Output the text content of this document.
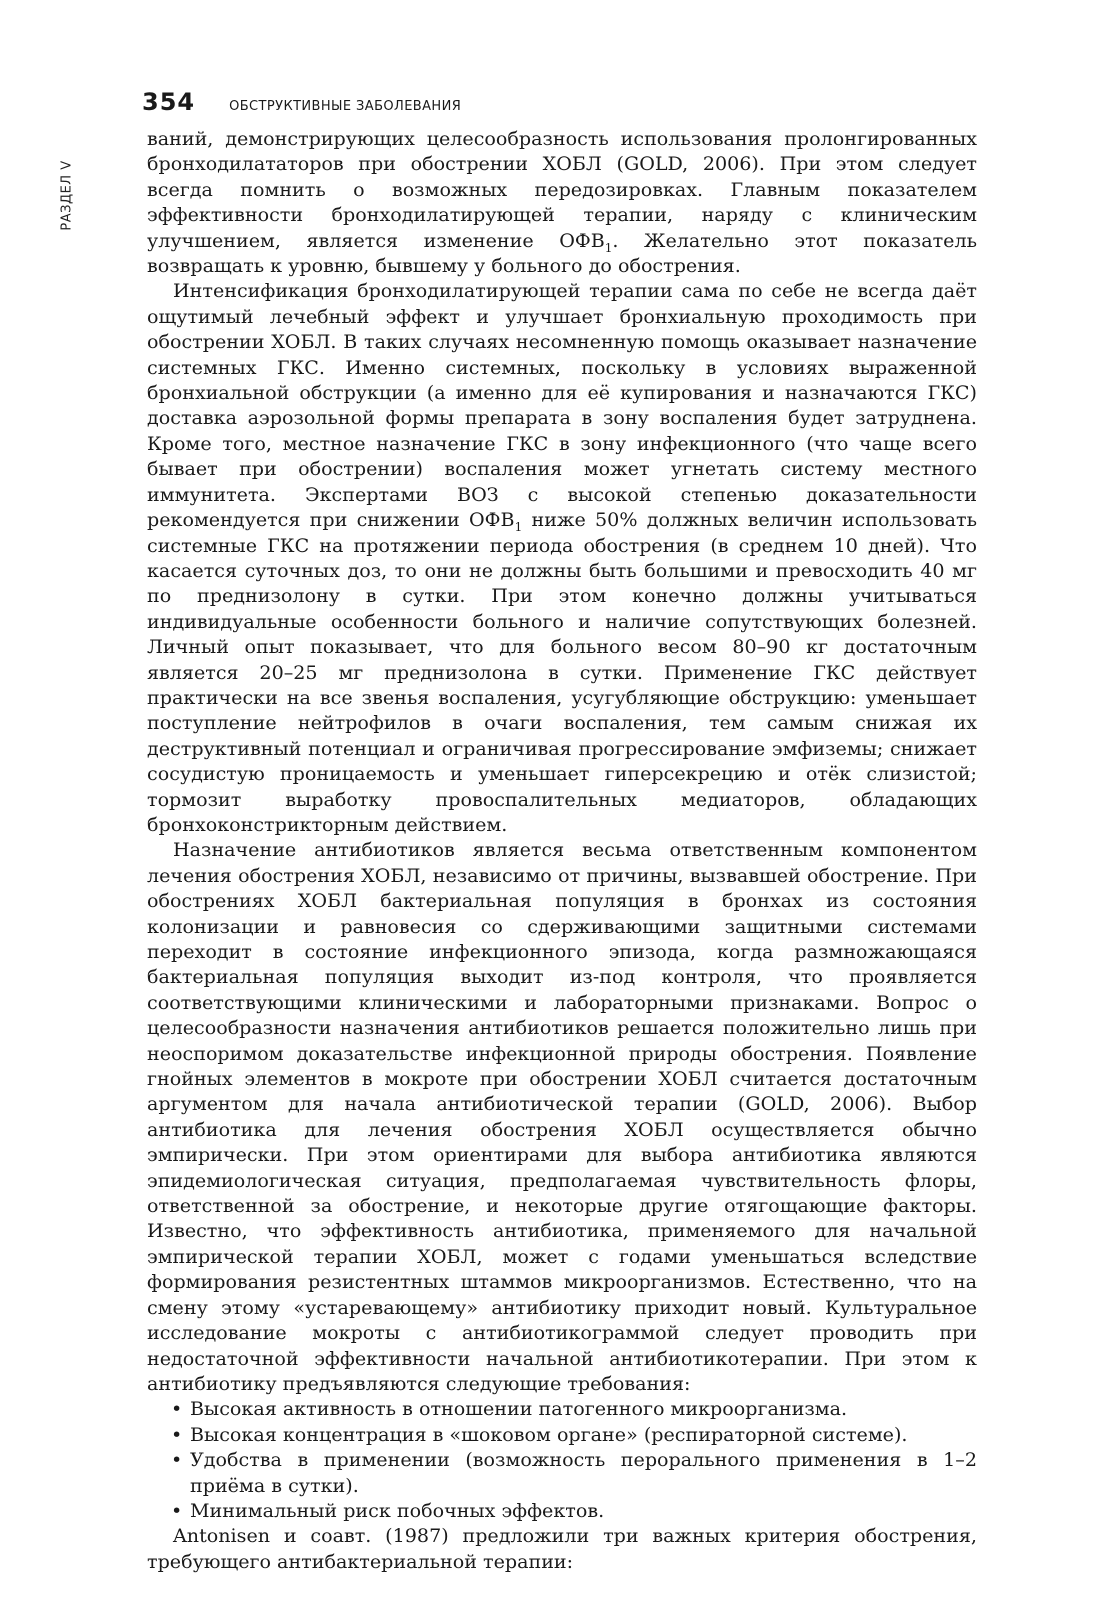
РАЗДЕЛ V
354	ОБСТРУКТИВНЫЕ ЗАБОЛЕВАНИЯ

ваний, демонстрирующих целесообразность использования пролонгированных бронходилататоров при обострении ХОБЛ (GOLD, 2006). При этом следует всегда помнить о возможных передозировках. Главным показателем эффективности бронходилатирующей терапии, наряду с клиническим улучшением, является изменение $ОФВ_1$. Желательно этот показатель возвращать к уровню, бывшему у больного до обострения.

Интенсификация бронходилатирующей терапии сама по себе не всегда даёт ощутимый лечебный эффект и улучшает бронхиальную проходимость при обострении ХОБЛ. В таких случаях несомненную помощь оказывает назначение системных ГКС. Именно системных, поскольку в условиях выраженной бронхиальной обструкции (а именно для её купирования и назначаются ГКС) доставка аэрозольной формы препарата в зону воспаления будет затруднена. Кроме того, местное назначение ГКС в зону инфекционного (что чаще всего бывает при обострении) воспаления может угнетать систему местного иммунитета. Экспертами ВОЗ с высокой степенью доказательности рекомендуется при снижении $ОФВ_1$ ниже 50% должных величин использовать системные ГКС на протяжении периода обострения (в среднем 10 дней). Что касается суточных доз, то они не должны быть большими и превосходить 40 мг по преднизолону в сутки. При этом конечно должны учитываться индивидуальные особенности больного и наличие сопутствующих болезней. Личный опыт показывает, что для больного весом 80–90 кг достаточным является 20–25 мг преднизолона в сутки. Применение ГКС действует практически на все звенья воспаления, усугубляющие обструкцию: уменьшает поступление нейтрофилов в очаги воспаления, тем самым снижая их деструктивный потенциал и ограничивая прогрессирование эмфиземы; снижает сосудистую проницаемость и уменьшает гиперсекрецию и отёк слизистой; тормозит выработку провоспалительных медиаторов, обладающих бронхоконстрикторным действием.

Назначение антибиотиков является весьма ответственным компонентом лечения обострения ХОБЛ, независимо от причины, вызвавшей обострение. При обострениях ХОБЛ бактериальная популяция в бронхах из состояния колонизации и равновесия со сдерживающими защитными системами переходит в состояние инфекционного эпизода, когда размножающаяся бактериальная популяция выходит из-под контроля, что проявляется соответствующими клиническими и лабораторными признаками. Вопрос о целесообразности назначения антибиотиков решается положительно лишь при неоспоримом доказательстве инфекционной природы обострения. Появление гнойных элементов в мокроте при обострении ХОБЛ считается достаточным аргументом для начала антибиотической терапии (GOLD, 2006). Выбор антибиотика для лечения обострения ХОБЛ осуществляется обычно эмпирически. При этом ориентирами для выбора антибиотика являются эпидемиологическая ситуация, предполагаемая чувствительность флоры, ответственной за обострение, и некоторые другие отягощающие факторы. Известно, что эффективность антибиотика, применяемого для начальной эмпирической терапии ХОБЛ, может с годами уменьшаться вследствие формирования резистентных штаммов микроорганизмов. Естественно, что на смену этому «устаревающему» антибиотику приходит новый. Культуральное исследование мокроты с антибиотикограммой следует проводить при недостаточной эффективности начальной антибиотикотерапии. При этом к антибиотику предъявляются следующие требования:

• Высокая активность в отношении патогенного микроорганизма.
• Высокая концентрация в «шоковом органе» (респираторной системе).
• Удобства в применении (возможность перорального применения в 1–2 приёма в сутки).
• Минимальный риск побочных эффектов.

Antonisen и соавт. (1987) предложили три важных критерия обострения, требующего антибактериальной терапии:
